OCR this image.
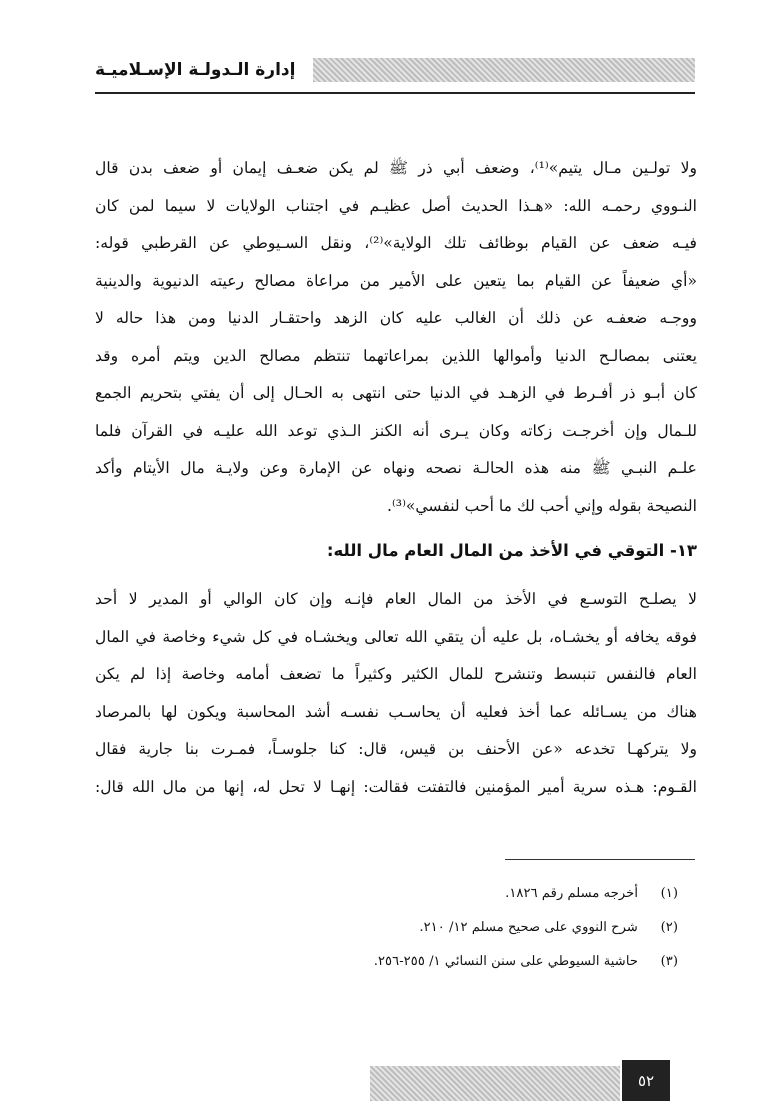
إدارة الـدولـة الإسـلاميـة
ولا تولـين مـال يتيم»⁽¹⁾، وضعف أبي ذر ﷺ لم يكن ضعـف إيمان أو ضعف بدن قال
النـووي رحمـه الله: «هـذا الحديث أصل عظيـم في اجتناب الولايات لا سيما لمن كان
فيـه ضعف عن القيام بوظائف تلك الولاية»⁽²⁾، ونقل السـيوطي عن القرطبي قوله:
«أي ضعيفاً عن القيام بما يتعين على الأمير من مراعاة مصالح رعيته الدنيوية والدينية
ووجـه ضعفـه عن ذلك أن الغالب عليه كان الزهد واحتقـار الدنيا ومن هذا حاله لا
يعتنى بمصالـح الدنيا وأموالها اللذين بمراعاتهما تنتظم مصالح الدين ويتم أمره وقد
كان أبـو ذر أفـرط في الزهـد في الدنيا حتى انتهى به الحـال إلى أن يفتي بتحريم الجمع
للـمال وإن أخرجـت زكاته وكان يـرى أنه الكنز الـذي توعد الله عليـه في القرآن فلما
علـم النبـي ﷺ منه هذه الحالـة نصحه ونهاه عن الإمارة وعن ولايـة مال الأيتام وأكد
النصيحة بقوله وإني أحب لك ما أحب لنفسي»⁽³⁾.
١٣- التوقي في الأخذ من المال العام مال الله:
لا يصلـح التوسـع في الأخذ من المال العام فإنـه وإن كان الوالي أو المدير لا أحد
فوقه يخافه أو يخشـاه، بل عليه أن يتقي الله تعالى ويخشـاه في كل شيء وخاصة في المال
العام فالنفس تنبسط وتنشرح للمال الكثير وكثيراً ما تضعف أمامه وخاصة إذا لم يكن
هناك من يسـائله عما أخذ فعليه أن يحاسـب نفسـه أشد المحاسبة ويكون لها بالمرصاد
ولا يتركهـا تخدعه «عن الأحنف بن قيس، قال: كنا جلوسـاً، فمـرت بنا جارية فقال
القـوم: هـذه سرية أمير المؤمنين فالتفتت فقالت: إنهـا لا تحل له، إنها من مال الله قال:
(١)
أخرجه مسلم رقم ١٨٢٦.
(٢)
شرح النووي على صحيح مسلم ١٢/ ٢١٠.
(٣)
حاشية السيوطي على سنن النسائي ١/ ٢٥٥-٢٥٦.
٥٢
